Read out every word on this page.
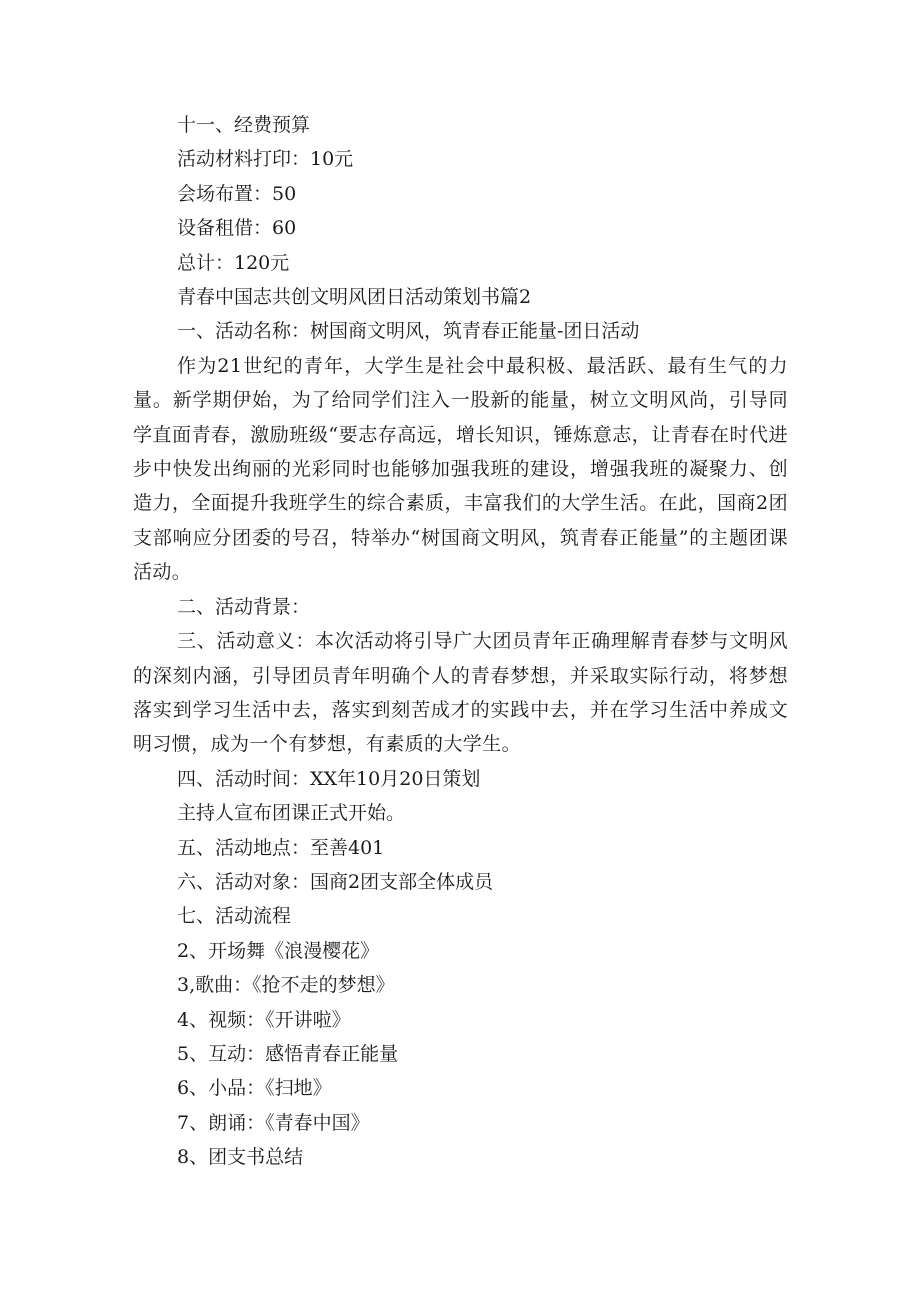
十一、经费预算

活动材料打印：10元

会场布置：50

设备租借：60

总计：120元

青春中国志共创文明风团日活动策划书篇2

一、活动名称：树国商文明风，筑青春正能量-团日活动

作为21世纪的青年，大学生是社会中最积极、最活跃、最有生气的力量。新学期伊始，为了给同学们注入一股新的能量，树立文明风尚，引导同学直面青春，激励班级“要志存高远，增长知识，锤炼意志，让青春在时代进步中快发出绚丽的光彩同时也能够加强我班的建设，增强我班的凝聚力、创造力，全面提升我班学生的综合素质，丰富我们的大学生活。在此，国商2团支部响应分团委的号召，特举办“树国商文明风，筑青春正能量”的主题团课活动。

二、活动背景：

三、活动意义：本次活动将引导广大团员青年正确理解青春梦与文明风的深刻内涵，引导团员青年明确个人的青春梦想，并采取实际行动，将梦想落实到学习生活中去，落实到刻苦成才的实践中去，并在学习生活中养成文明习惯，成为一个有梦想，有素质的大学生。

四、活动时间：XX年10月20日策划

主持人宣布团课正式开始。

五、活动地点：至善401

六、活动对象：国商2团支部全体成员

七、活动流程

2、开场舞《浪漫樱花》

3,歌曲：《抢不走的梦想》

4、视频：《开讲啦》

5、互动：感悟青春正能量

6、小品：《扫地》

7、朗诵：《青春中国》

8、团支书总结
